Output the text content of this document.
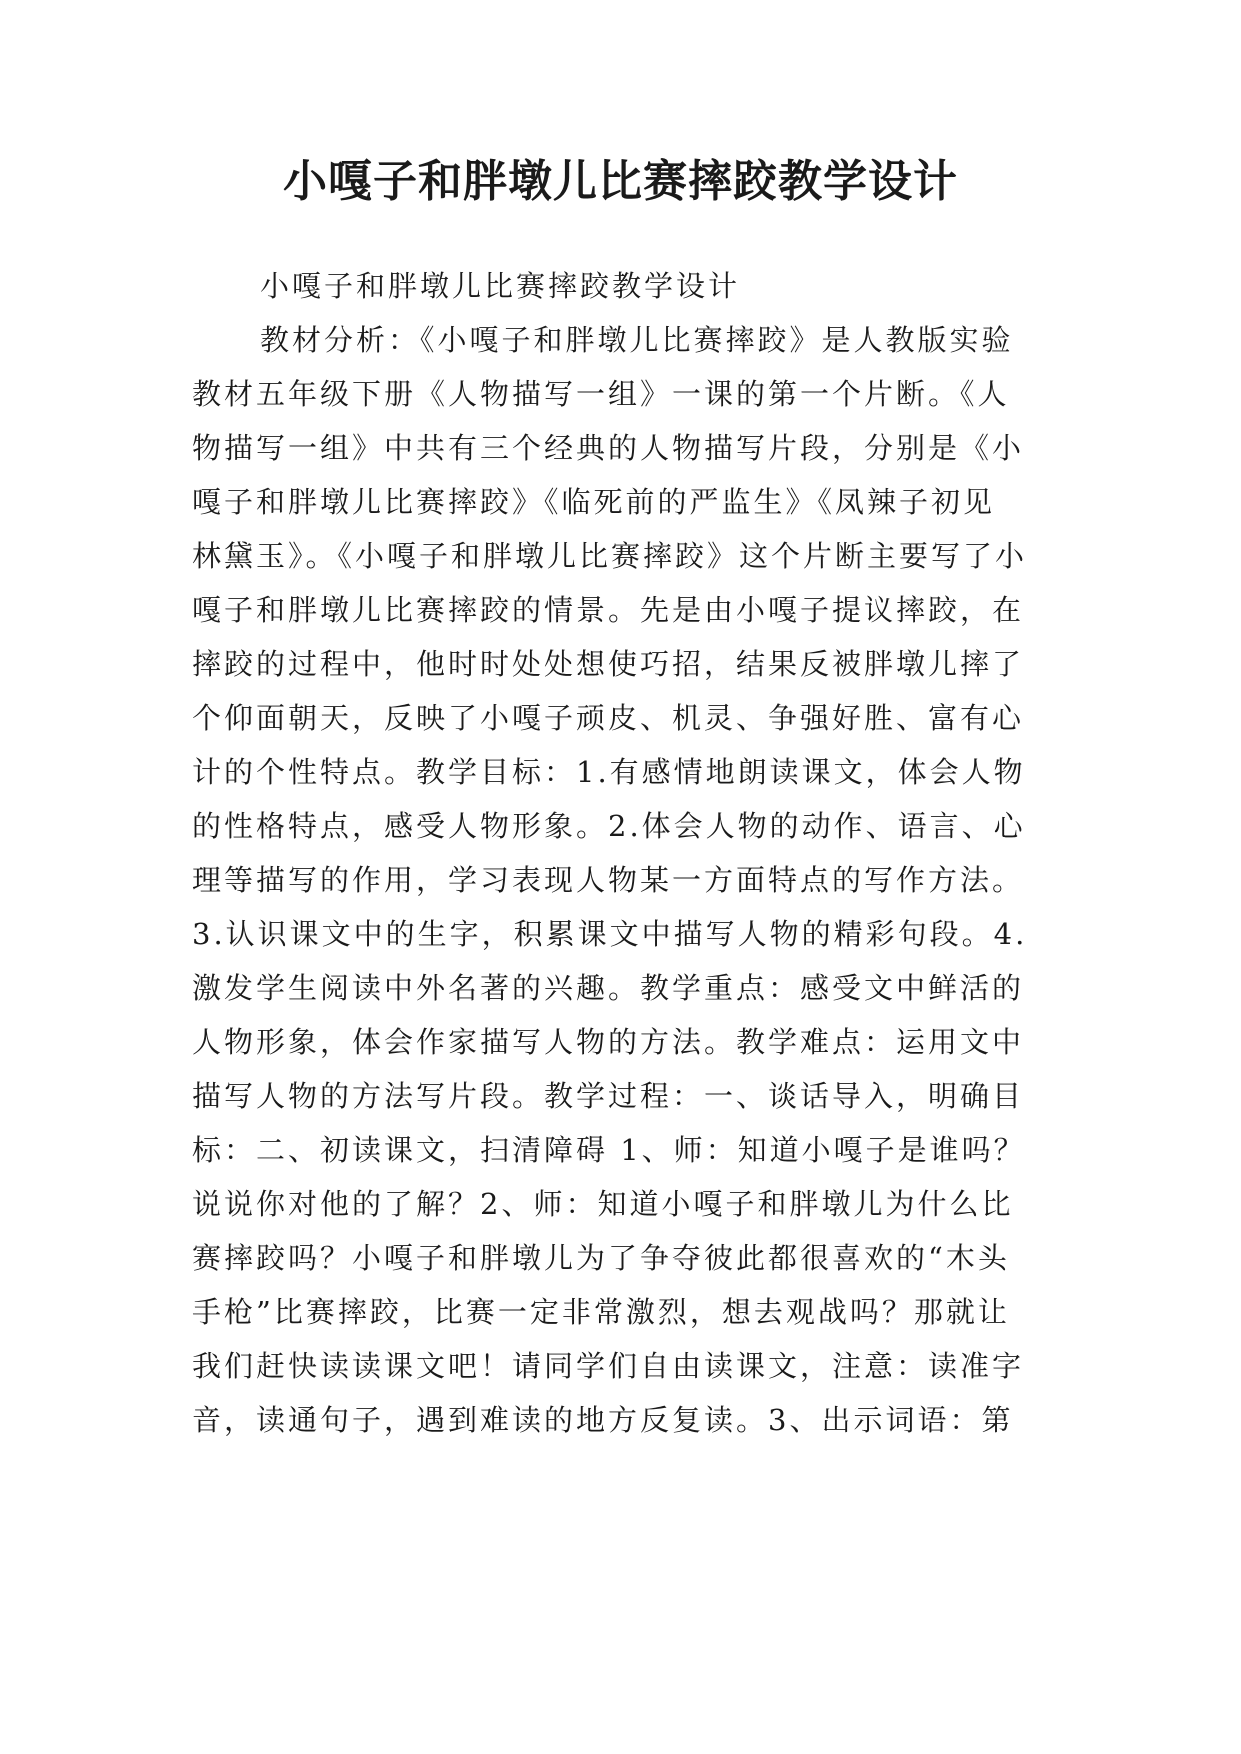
小嘎子和胖墩儿比赛摔跤教学设计
小嘎子和胖墩儿比赛摔跤教学设计
教材分析：《小嘎子和胖墩儿比赛摔跤》是人教版实验
教材五年级下册《人物描写一组》一课的第一个片断。《人
物描写一组》中共有三个经典的人物描写片段，分别是《小
嘎子和胖墩儿比赛摔跤》《临死前的严监生》《凤辣子初见
林黛玉》。《小嘎子和胖墩儿比赛摔跤》这个片断主要写了小
嘎子和胖墩儿比赛摔跤的情景。先是由小嘎子提议摔跤，在
摔跤的过程中，他时时处处想使巧招，结果反被胖墩儿摔了
个仰面朝天，反映了小嘎子顽皮、机灵、争强好胜、富有心
计的个性特点。教学目标：1.有感情地朗读课文，体会人物
的性格特点，感受人物形象。2.体会人物的动作、语言、心
理等描写的作用，学习表现人物某一方面特点的写作方法。
3.认识课文中的生字，积累课文中描写人物的精彩句段。4.
激发学生阅读中外名著的兴趣。教学重点：感受文中鲜活的
人物形象，体会作家描写人物的方法。教学难点：运用文中
描写人物的方法写片段。教学过程：一、谈话导入，明确目
标：二、初读课文，扫清障碍 1、师：知道小嘎子是谁吗？
说说你对他的了解？2、师：知道小嘎子和胖墩儿为什么比
赛摔跤吗？小嘎子和胖墩儿为了争夺彼此都很喜欢的“木头
手枪”比赛摔跤，比赛一定非常激烈，想去观战吗？那就让
我们赶快读读课文吧！请同学们自由读课文，注意：读准字
音，读通句子，遇到难读的地方反复读。3、出示词语：第
